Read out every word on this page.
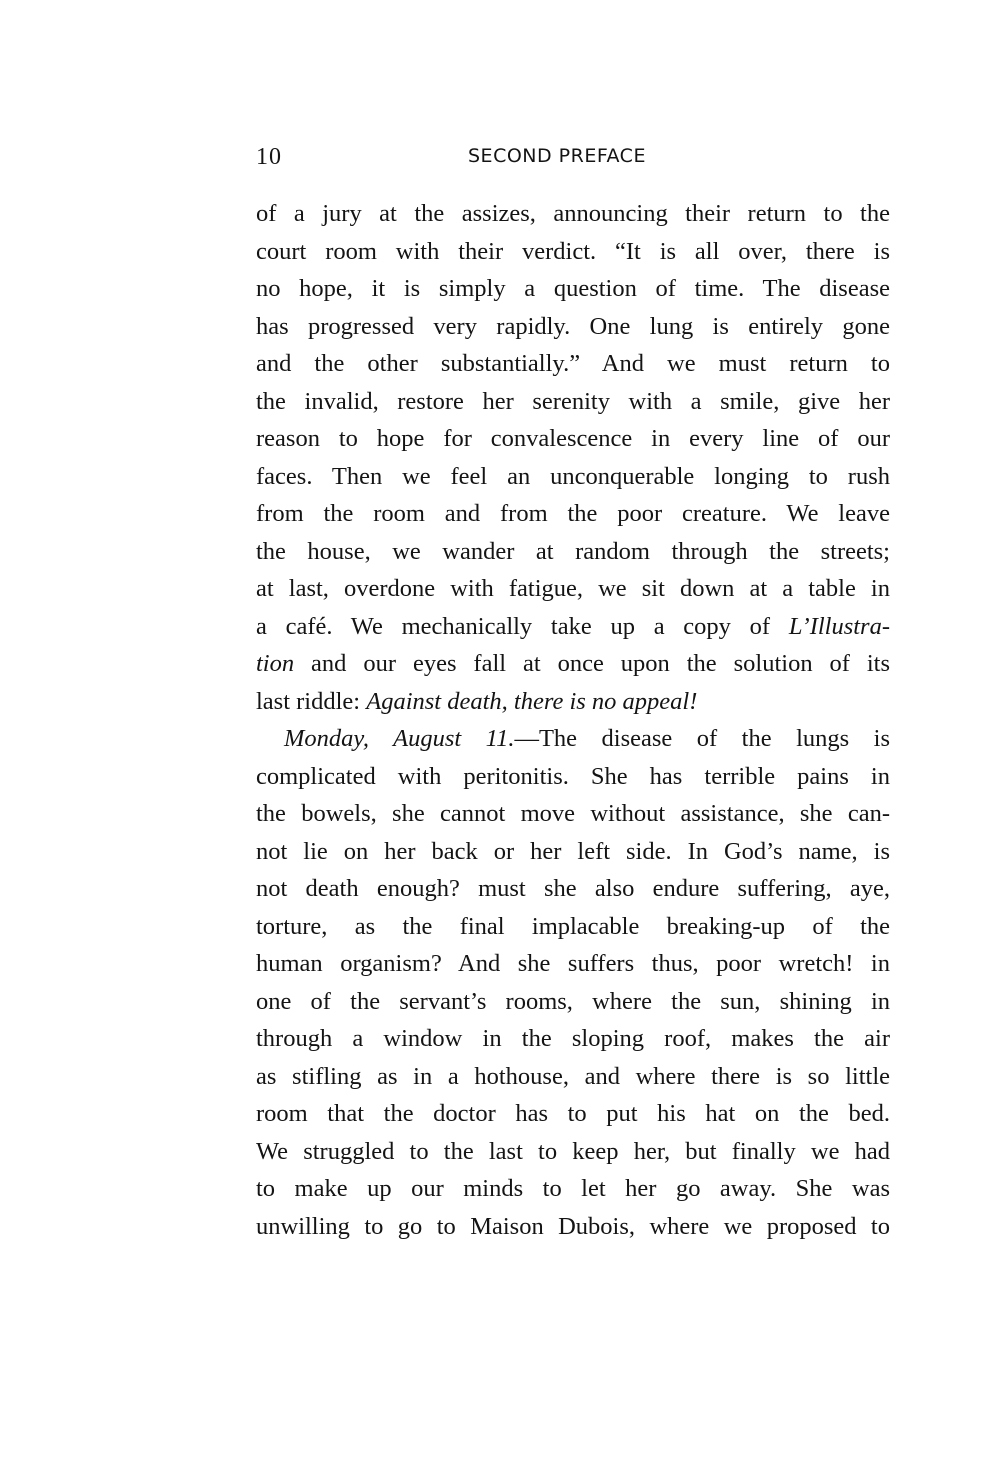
10	SECOND PREFACE
of a jury at the assizes, announcing their return to the
court room with their verdict. “It is all over, there is
no hope, it is simply a question of time. The disease
has progressed very rapidly. One lung is entirely gone
and the other substantially.” And we must return to
the invalid, restore her serenity with a smile, give her
reason to hope for convalescence in every line of our
faces. Then we feel an unconquerable longing to rush
from the room and from the poor creature. We leave
the house, we wander at random through the streets;
at last, overdone with fatigue, we sit down at a table in
a café. We mechanically take up a copy of L’Illustra-
tion and our eyes fall at once upon the solution of its
last riddle: Against death, there is no appeal!
Monday, August 11.—The disease of the lungs is
complicated with peritonitis. She has terrible pains in
the bowels, she cannot move without assistance, she can-
not lie on her back or her left side. In God’s name, is
not death enough? must she also endure suffering, aye,
torture, as the final implacable breaking-up of the
human organism? And she suffers thus, poor wretch! in
one of the servant’s rooms, where the sun, shining in
through a window in the sloping roof, makes the air
as stifling as in a hothouse, and where there is so little
room that the doctor has to put his hat on the bed.
We struggled to the last to keep her, but finally we had
to make up our minds to let her go away. She was
unwilling to go to Maison Dubois, where we proposed to
